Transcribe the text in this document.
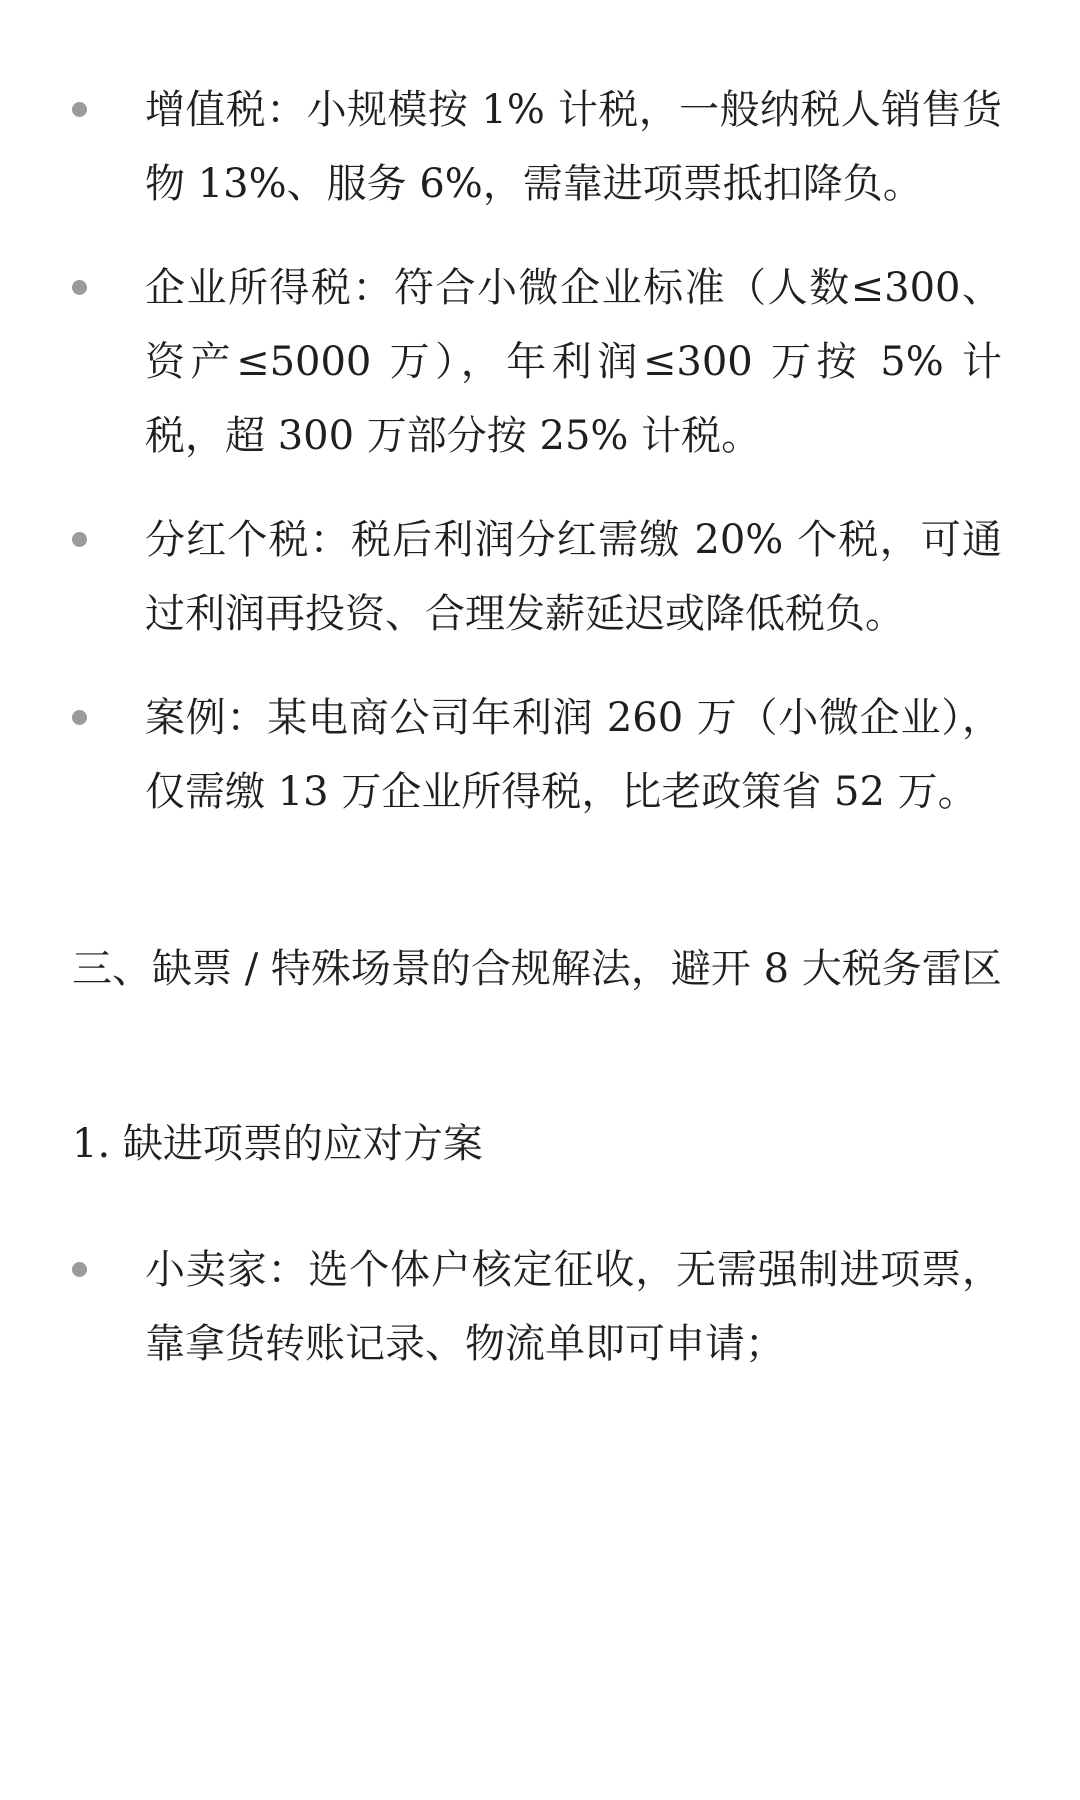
增值税：小规模按 1% 计税，一般纳税人销售货物 13%、服务 6%，需靠进项票抵扣降负。
企业所得税：符合小微企业标准（人数≤300、资产≤5000 万），年利润≤300 万按 5% 计税，超 300 万部分按 25% 计税。
分红个税：税后利润分红需缴 20% 个税，可通过利润再投资、合理发薪延迟或降低税负。
案例：某电商公司年利润 260 万（小微企业），仅需缴 13 万企业所得税，比老政策省 52 万。
三、缺票 / 特殊场景的合规解法，避开 8 大税务雷区
1. 缺进项票的应对方案
小卖家：选个体户核定征收，无需强制进项票，靠拿货转账记录、物流单即可申请；
